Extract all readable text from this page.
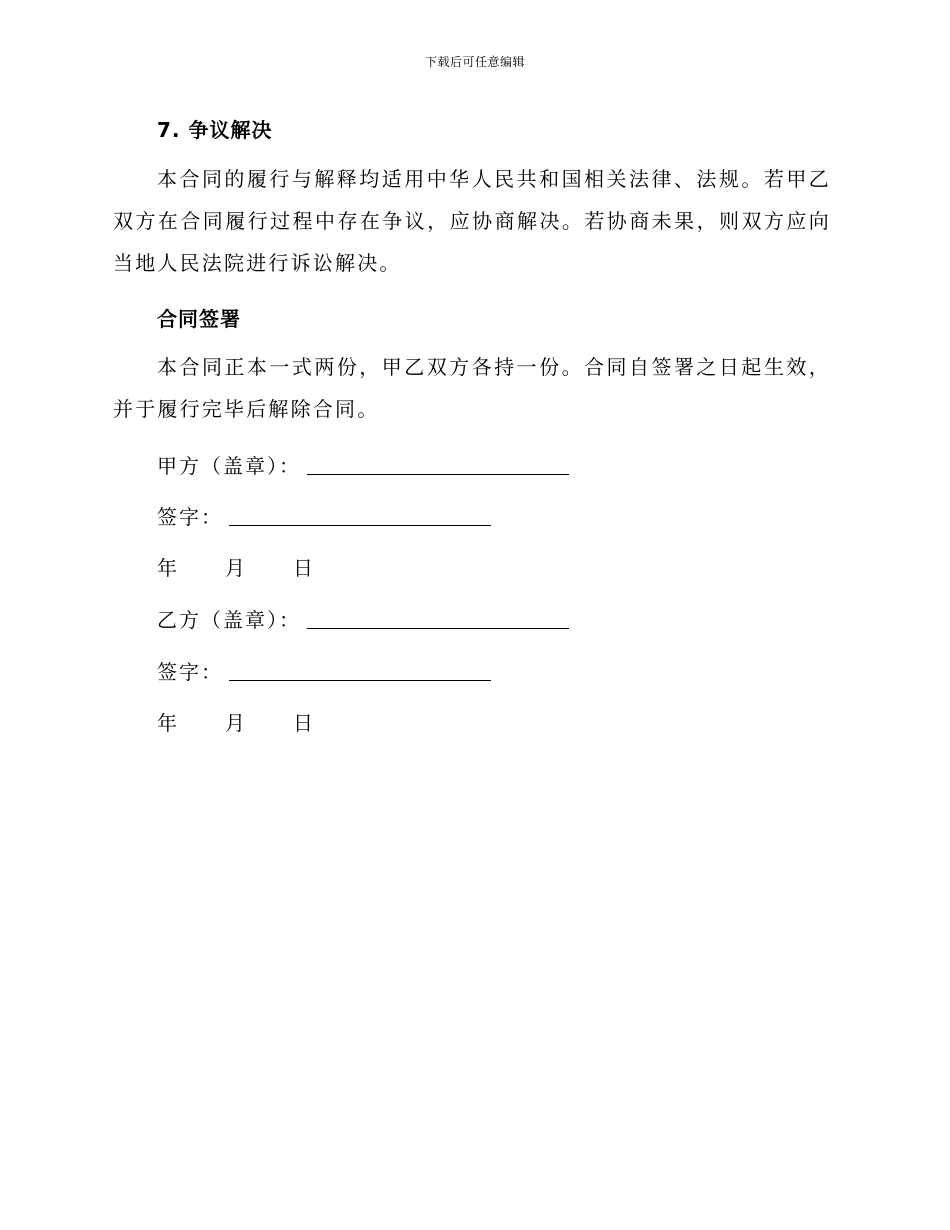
下载后可任意编辑
7. 争议解决
本合同的履行与解释均适用中华人民共和国相关法律、法规。若甲乙双方在合同履行过程中存在争议，应协商解决。若协商未果，则双方应向当地人民法院进行诉讼解决。
合同签署
本合同正本一式两份，甲乙双方各持一份。合同自签署之日起生效，并于履行完毕后解除合同。
甲方（盖章）：
签字：
年 月 日
乙方（盖章）：
签字：
年 月 日
